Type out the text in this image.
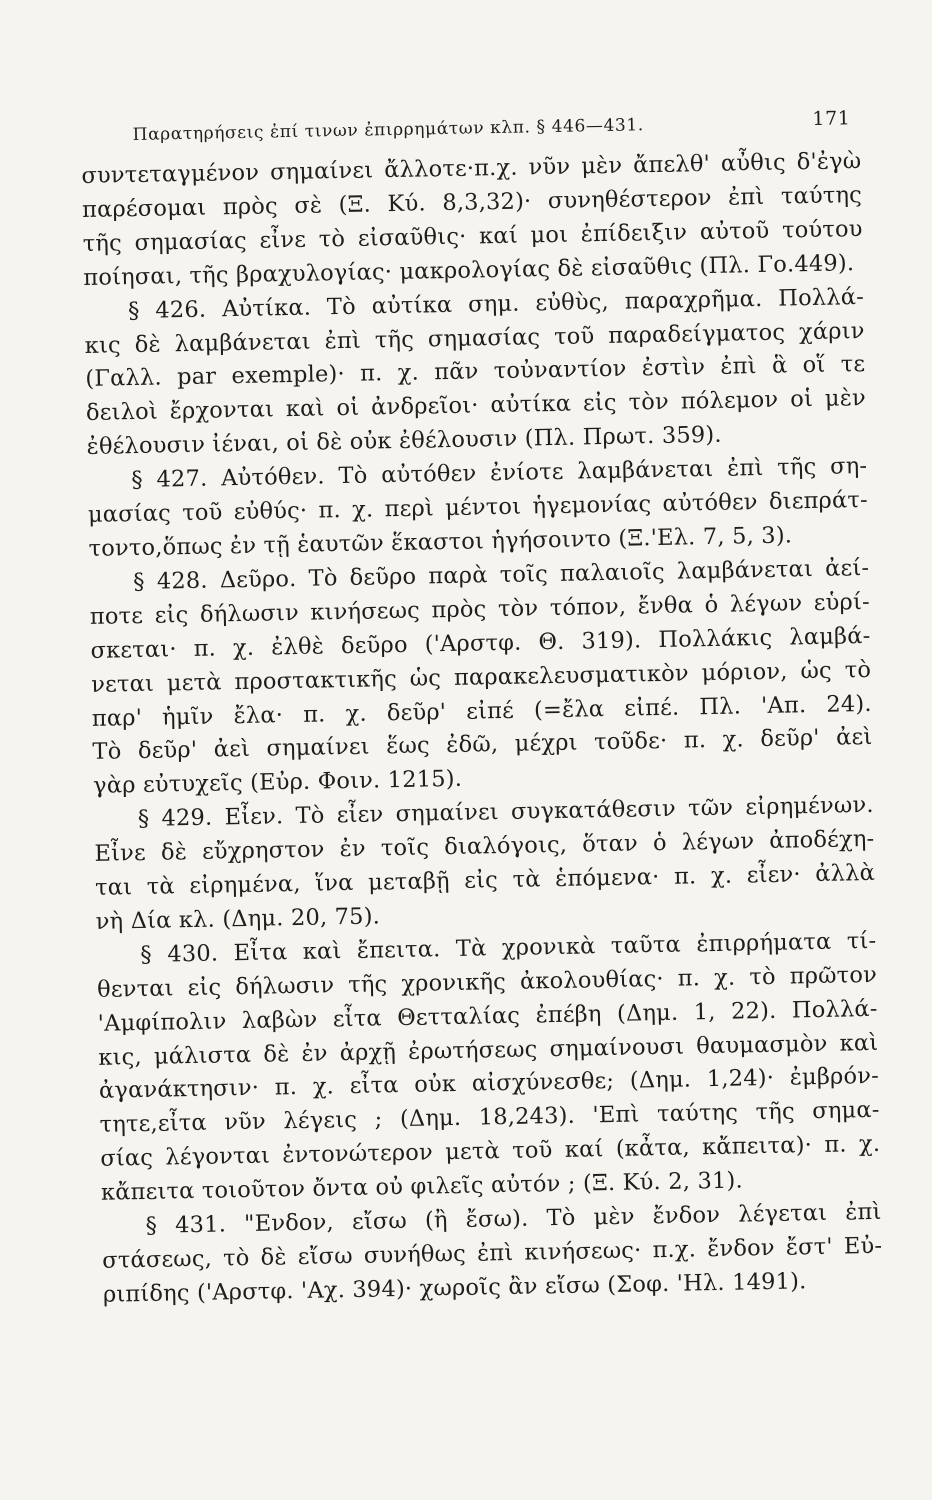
Παρατηρήσεις ἐπί τινων ἐπιρρημάτων κλπ. § 446—431.	171
συντεταγμένον σημαίνει ἄλλοτε·π.χ. νῦν μὲν ἄπελθ' αὖθις δ'ἐγὼ
παρέσομαι πρὸς σὲ (Ξ. Κύ. 8,3,32)· συνηθέστερον ἐπὶ ταύτης
τῆς σημασίας εἶνε τὸ εἰσαῦθις· καί μοι ἐπίδειξιν αὐτοῦ τούτου
ποίησαι, τῆς βραχυλογίας· μακρολογίας δὲ εἰσαῦθις (Πλ. Γο.449).
§ 426. Αὐτίκα. Τὸ αὐτίκα σημ. εὐθὺς, παραχρῆμα. Πολλά-
κις δὲ λαμβάνεται ἐπὶ τῆς σημασίας τοῦ παραδείγματος χάριν
(Γαλλ. par exemple)· π. χ. πᾶν τοὐναντίον ἐστὶν ἐπὶ ἃ οἵ τε
δειλοὶ ἔρχονται καὶ οἱ ἀνδρεῖοι· αὐτίκα εἰς τὸν πόλεμον οἱ μὲν
ἐθέλουσιν ἰέναι, οἱ δὲ οὐκ ἐθέλουσιν (Πλ. Πρωτ. 359).
§ 427. Αὐτόθεν. Τὸ αὐτόθεν ἐνίοτε λαμβάνεται ἐπὶ τῆς ση-
μασίας τοῦ εὐθύς· π. χ. περὶ μέντοι ἡγεμονίας αὐτόθεν διεπράτ-
τοντο,ὅπως ἐν τῇ ἑαυτῶν ἕκαστοι ἡγήσοιντο (Ξ.'Ελ. 7, 5, 3).
§ 428. Δεῦρο. Τὸ δεῦρο παρὰ τοῖς παλαιοῖς λαμβάνεται ἀεί-
ποτε εἰς δήλωσιν κινήσεως πρὸς τὸν τόπον, ἔνθα ὁ λέγων εὑρί-
σκεται· π. χ. ἐλθὲ δεῦρο ('Αρστφ. Θ. 319). Πολλάκις λαμβά-
νεται μετὰ προστακτικῆς ὡς παρακελευσματικὸν μόριον, ὡς τὸ
παρ' ἡμῖν ἔλα· π. χ. δεῦρ' εἰπέ (=ἔλα εἰπέ. Πλ. 'Απ. 24).
Τὸ δεῦρ' ἀεὶ σημαίνει ἕως ἐδῶ, μέχρι τοῦδε· π. χ. δεῦρ' ἀεὶ
γὰρ εὐτυχεῖς (Εὐρ. Φοιν. 1215).
§ 429. Εἶεν. Τὸ εἶεν σημαίνει συγκατάθεσιν τῶν εἰρημένων.
Εἶνε δὲ εὔχρηστον ἐν τοῖς διαλόγοις, ὅταν ὁ λέγων ἀποδέχη-
ται τὰ εἰρημένα, ἵνα μεταβῇ εἰς τὰ ἑπόμενα· π. χ. εἶεν· ἀλλὰ
νὴ Δία κλ. (Δημ. 20, 75).
§ 430. Εἶτα καὶ ἔπειτα. Τὰ χρονικὰ ταῦτα ἐπιρρήματα τί-
θενται εἰς δήλωσιν τῆς χρονικῆς ἀκολουθίας· π. χ. τὸ πρῶτον
'Αμφίπολιν λαβὼν εἶτα Θετταλίας ἐπέβη (Δημ. 1, 22). Πολλά-
κις, μάλιστα δὲ ἐν ἀρχῇ ἐρωτήσεως σημαίνουσι θαυμασμὸν καὶ
ἀγανάκτησιν· π. χ. εἶτα οὐκ αἰσχύνεσθε; (Δημ. 1,24)· ἐμβρόν-
τητε,εἶτα νῦν λέγεις ; (Δημ. 18,243). 'Επὶ ταύτης τῆς σημα-
σίας λέγονται ἐντονώτερον μετὰ τοῦ καί (κἆτα, κἄπειτα)· π. χ.
κἄπειτα τοιοῦτον ὄντα οὐ φιλεῖς αὐτόν ; (Ξ. Κύ. 2, 31).
§ 431. "Ενδον, εἴσω (ἢ ἔσω). Τὸ μὲν ἔνδον λέγεται ἐπὶ
στάσεως, τὸ δὲ εἴσω συνήθως ἐπὶ κινήσεως· π.χ. ἔνδον ἔστ' Εὐ-
ριπίδης ('Αρστφ. 'Αχ. 394)· χωροῖς ἂν εἴσω (Σοφ. 'Ηλ. 1491).
